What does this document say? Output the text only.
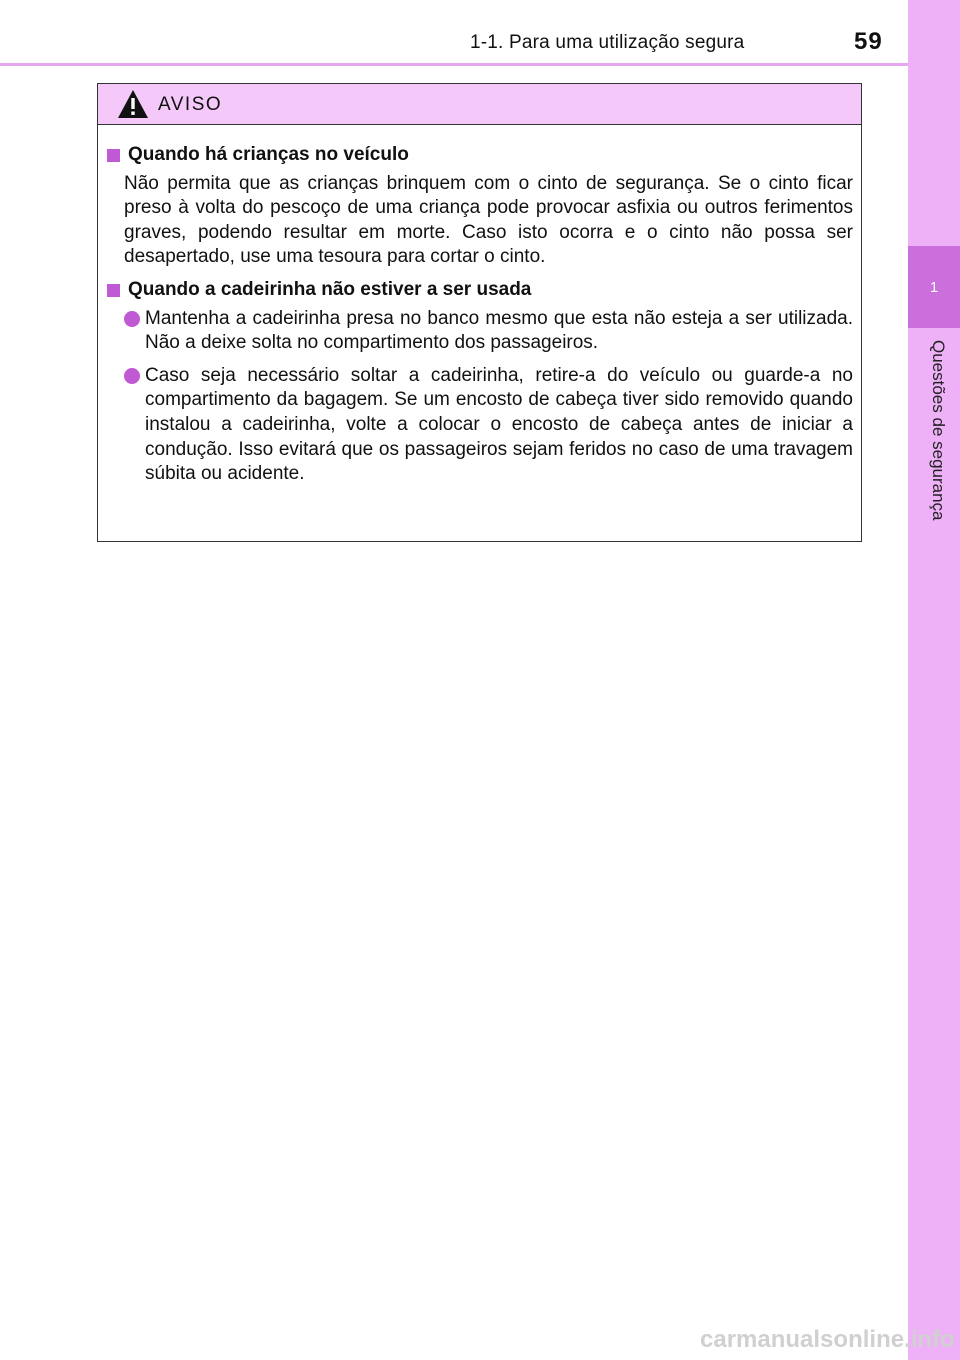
1
Questões de segurança
1-1. Para uma utilização segura	59
AVISO
Quando há crianças no veículo
Não permita que as crianças brinquem com o cinto de segurança. Se o cinto ficar preso à volta do pescoço de uma criança pode provocar asfixia ou outros ferimentos graves, podendo resultar em morte. Caso isto ocorra e o cinto não possa ser desapertado, use uma tesoura para cortar o cinto.
Quando a cadeirinha não estiver a ser usada
Mantenha a cadeirinha presa no banco mesmo que esta não esteja a ser utilizada. Não a deixe solta no compartimento dos passageiros.
Caso seja necessário soltar a cadeirinha, retire-a do veículo ou guarde-a no compartimento da bagagem. Se um encosto de cabeça tiver sido removido quando instalou a cadeirinha, volte a colocar o encosto de cabeça antes de iniciar a condução. Isso evitará que os passageiros sejam feridos no caso de uma travagem súbita ou acidente.
carmanualsonline.info
